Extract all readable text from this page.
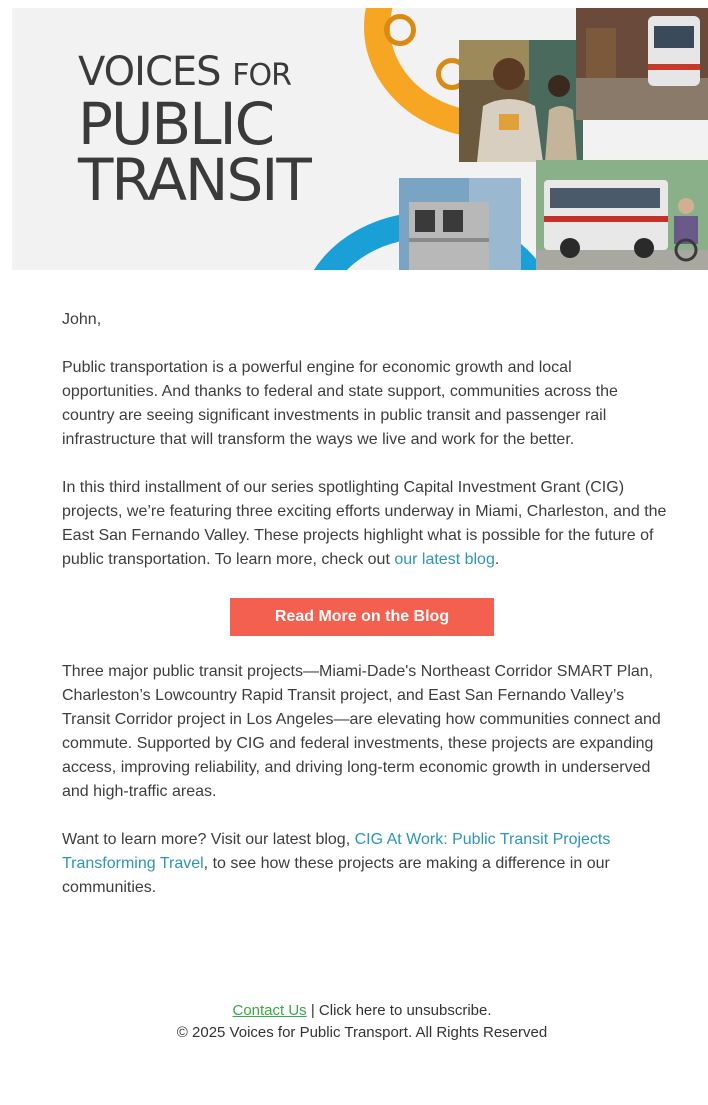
VOICES FOR
PUBLIC
TRANSIT

John,

Public transportation is a powerful engine for economic growth and local opportunities. And thanks to federal and state support, communities across the country are seeing significant investments in public transit and passenger rail infrastructure that will transform the ways we live and work for the better.

In this third installment of our series spotlighting Capital Investment Grant (CIG) projects, we’re featuring three exciting efforts underway in Miami, Charleston, and the East San Fernando Valley. These projects highlight what is possible for the future of public transportation. To learn more, check out our latest blog.

Read More on the Blog

Three major public transit projects—Miami-Dade's Northeast Corridor SMART Plan, Charleston’s Lowcountry Rapid Transit project, and East San Fernando Valley’s Transit Corridor project in Los Angeles—are elevating how communities connect and commute. Supported by CIG and federal investments, these projects are expanding access, improving reliability, and driving long-term economic growth in underserved and high-traffic areas.

Want to learn more? Visit our latest blog, CIG At Work: Public Transit Projects Transforming Travel, to see how these projects are making a difference in our communities.

Contact Us | Click here to unsubscribe.
© 2025 Voices for Public Transport. All Rights Reserved
